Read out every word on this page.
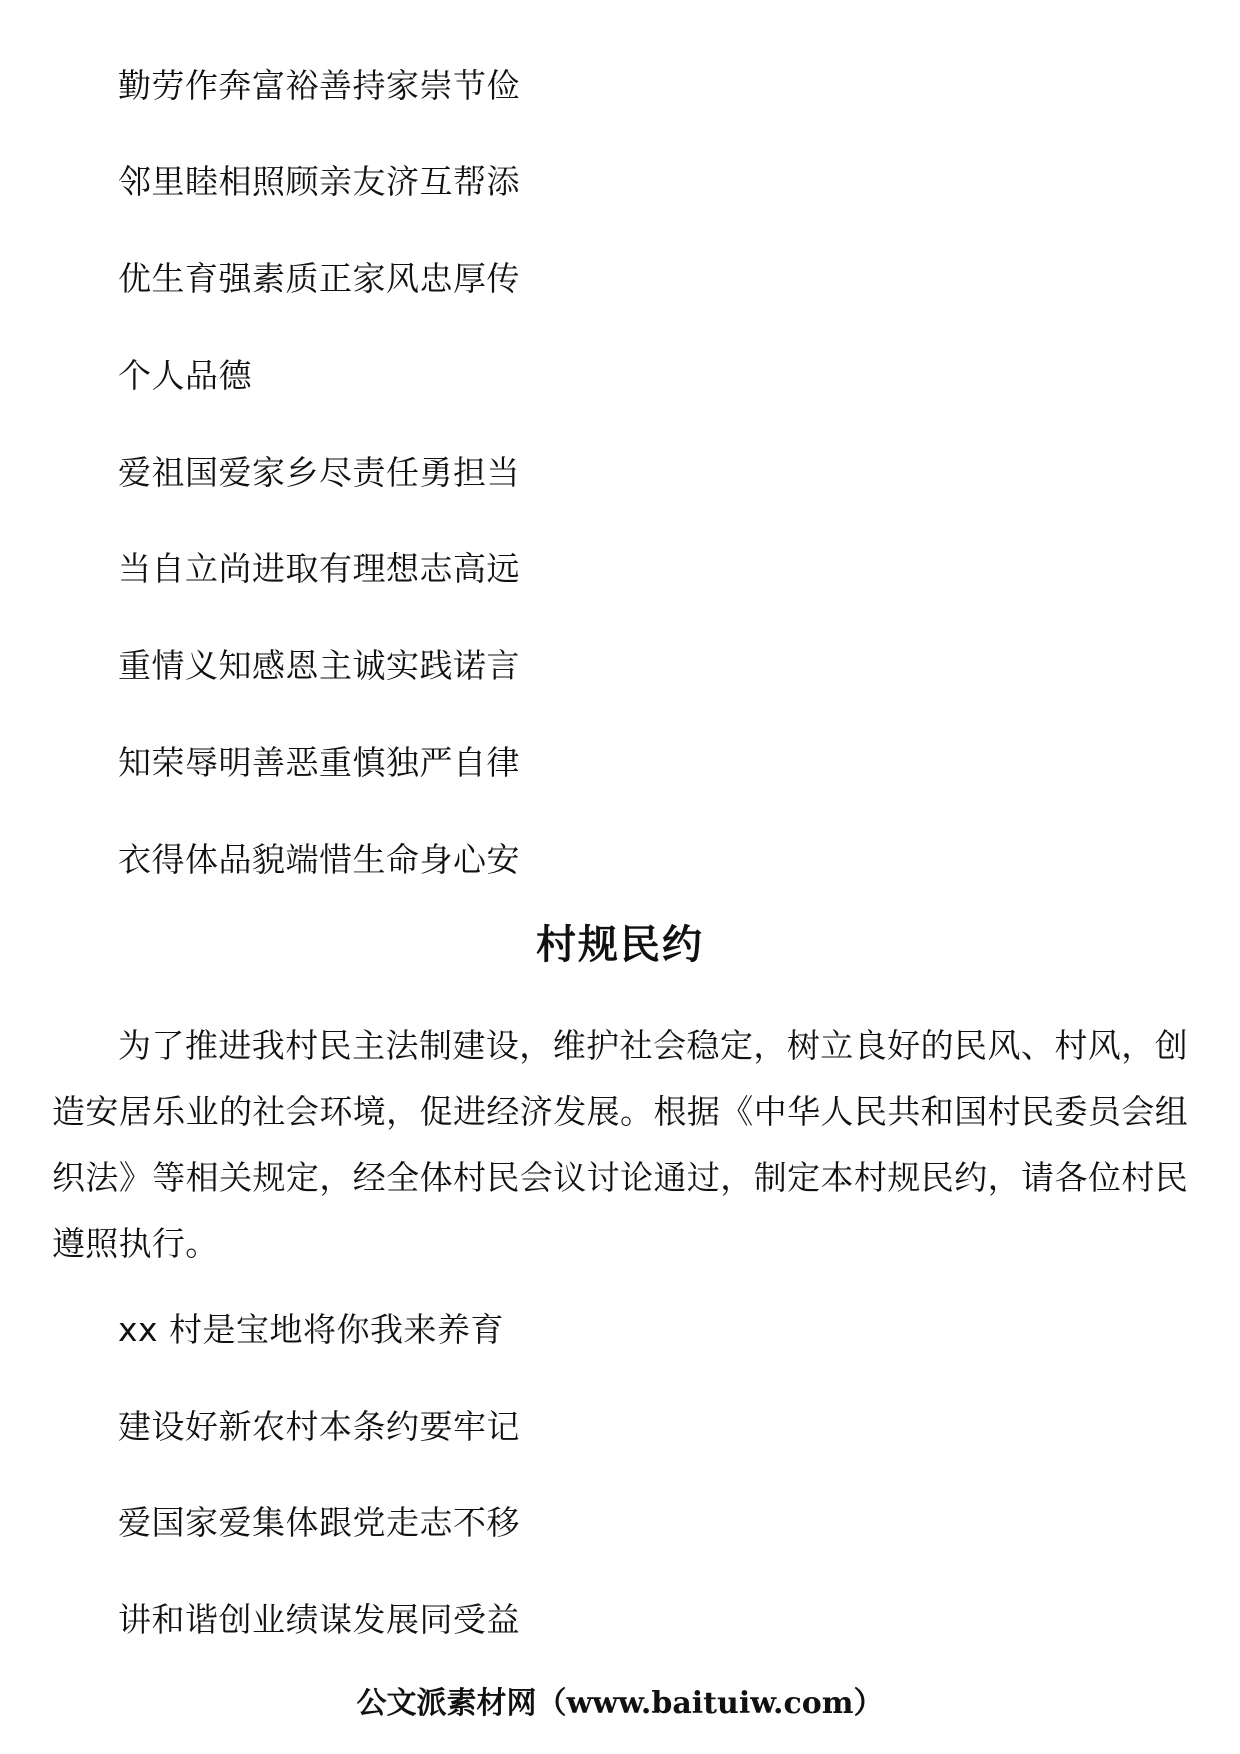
勤劳作奔富裕善持家崇节俭
邻里睦相照顾亲友济互帮添
优生育强素质正家风忠厚传
个人品德
爱祖国爱家乡尽责任勇担当
当自立尚进取有理想志高远
重情义知感恩主诚实践诺言
知荣辱明善恶重慎独严自律
衣得体品貌端惜生命身心安
村规民约
为了推进我村民主法制建设，维护社会稳定，树立良好的民风、村风，创造安居乐业的社会环境，促进经济发展。根据《中华人民共和国村民委员会组织法》等相关规定，经全体村民会议讨论通过，制定本村规民约，请各位村民遵照执行。
xx 村是宝地将你我来养育
建设好新农村本条约要牢记
爱国家爱集体跟党走志不移
讲和谐创业绩谋发展同受益
公文派素材网（www.baituiw.com）
